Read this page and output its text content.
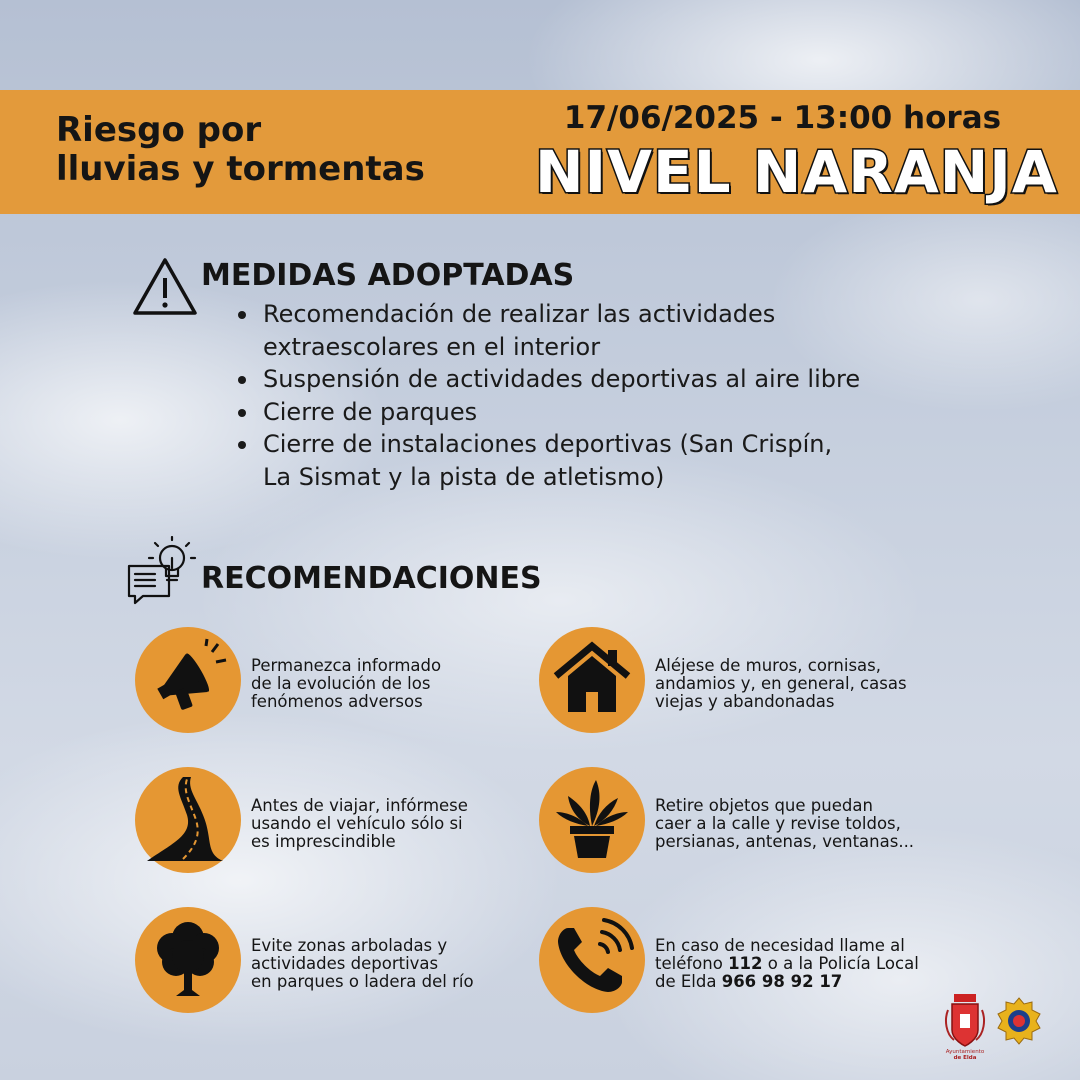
Riesgo por
lluvias y tormentas
17/06/2025 - 13:00 horas
NIVEL NARANJA
MEDIDAS ADOPTADAS
Recomendación de realizar las actividades
extraescolares en el interior
Suspensión de actividades deportivas al aire libre
Cierre de parques
Cierre de instalaciones deportivas (San Crispín,
La Sismat y la pista de atletismo)
RECOMENDACIONES
Permanezca informado
de la evolución de los
fenómenos adversos
Aléjese de muros, cornisas,
andamios y, en general, casas
viejas y abandonadas
Antes de viajar, infórmese
usando el vehículo sólo si
es imprescindible
Retire objetos que puedan
caer a la calle y revise toldos,
persianas, antenas, ventanas...
Evite zonas arboladas y
actividades deportivas
en parques o ladera del río
En caso de necesidad llame al
teléfono 112 o a la Policía Local
de Elda 966 98 92 17
Ayuntamiento
de Elda
